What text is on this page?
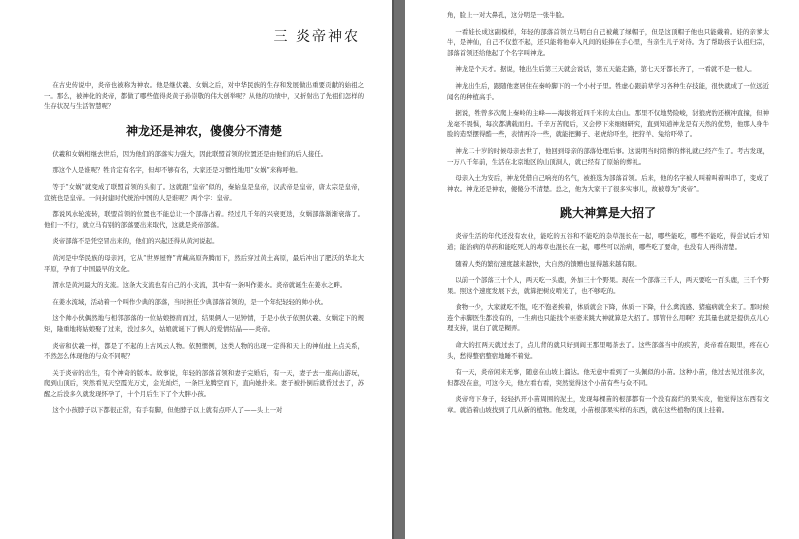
三 炎帝神农

在古史传说中，炎帝也被称为神农。他是继伏羲、女娲之后，对中华民族的生存和发展做出重要贡献的始祖之一。那么，被神化的炎帝，都做了哪些值得炎黄子孙崇敬的伟大创举呢？从他的功绩中，又折射出了先祖们怎样的生存状况与生活智慧呢？

神龙还是神农，傻傻分不清楚

伏羲和女娲相继去世后，因为他们的部落实力强大，因此联盟首领的位置还是由他们的后人接任。

那这个人是谁呢？牲肯定有名字，但却不够有名，大家还是习惯性地用“女娲”来称呼他。

等于“女娲”就变成了联盟首领的头衔了。这就跟“皇帝”似的，秦始皇是皇帝，汉武帝是皇帝，唐太宗是皇帝，宣统也是皇帝。一问封建时代统治中国的人是谁呢？两个字：皇帝。

都说风水轮流转，联盟首领的位置也不能总让一个部落占着。经过几千年的兴衰更迭，女娲部落渐渐衰落了。他们一不行，就立马有别的部落要出来取代，这就是炎帝部落。

炎帝部落不是凭空冒出来的，他们的兴起还得从黄河说起。

黄河是中华民族的母亲河，它从“世界屋脊”青藏高原奔腾而下，然后穿过黄土高原，最后冲出了肥沃的华北大平原，孕育了中国最早的文化。

渭水是黄河最大的支流。这条大支流也有自己的小支流，其中有一条叫作姜水。炎帝就诞生在姜水之畔。

在姜水流域，活动着一个叫作少典的部落，当时担任少典部落首领的，是一个年纪轻轻的帅小伙。

这个帅小伙偶然地与相邻部落的一位姑娘擦肩而过，结果俩人一见钟情，于是小伙子依照伏羲、女娲定下的规矩，隆重地将姑娘娶了过来，没过多久，姑娘就诞下了俩人的爱情结晶——炎帝。

炎帝和伏羲一样，都是了不起的上古风云人物。依照惯例，这类人物的出现一定得和天上的神仙扯上点关系，不然怎么体现他的与众不同呢？

关于炎帝的出生，有个神奇的版本。故事说，年轻的部落首领和妻子完婚后，有一天，妻子去一座高山游玩，爬到山顶后，突然看见天空霞光万丈，金光灿烂，一条巨龙腾空而下，直向她扑来。妻子被扑倒后就昏过去了，苏醒之后没多久就发现怀孕了，十个月后生下了个大胖小孩。

这个小孩脖子以下都很正常，有手有脚，但他脖子以上就有点吓人了——头上一对

角，脸上一对大鼻孔，这分明是一张牛脸。

一看娃长成这副模样，年轻的部落首领立马明白自己被戴了绿帽子，但是这顶帽子他也只能戴着。娃的亲爹太牛，是神仙，自己不仅惹不起，还只能将他奉入凡间的娃捧在手心里，当亲生儿子对待。为了帮助孩子认祖归宗，部落首领还给他起了个名字叫神龙。

神龙是个天才。据说，牠出生后第三天就会说话，第五天能走路，第七天牙都长齐了，一看就不是一般人。

神龙出生后，跟随他妻居住在秦岭脚下的一个小村子里。牲虚心跟前辈学习各种生存技能，很快就成了一位远近闻名的种植高手。

据说，牲曾多次爬上秦岭的主峰——海拔将近四千米的太白山。那里不仅地势险峻，豺狼虎豹还横冲直撞，但神龙毫不畏惧，每次都满载而归。千辛万苦爬后，又会停下来细细研究，直到知道神龙是有天然的优势，他那人身牛脸的造型摆得酷一些，表情再冷一些，就能把狮子、老虎给吓坐，把狩羊、兔给吓晕了。

神龙二十岁的时候母亲去世了，他回到母亲的部落处理后事。这说明当时陪葬的葬礼就已经产生了。考古发现，一万八千年前，生活在北京地区的山顶洞人，就已经有了原始的葬礼。

母亲入土为安后，神龙凭借自己响亮的名气，被推选为部落首领。后来，他的名字被人叫着叫着叫串了，变成了神农。神龙还是神农，傻傻分不清楚。总之，他为大家干了很多实事儿，故被尊为“炎帝”。

跳大神算是大招了

炎帝生活的年代还没有农业，能吃的五谷和不能吃的杂草混长在一起，哪些能吃，哪些不能吃，得尝试后才知道；能治病的草药和能吃死人的毒草也混长在一起，哪些可以治病，哪些吃了要命，也没有人再得清楚。

随着人类的繁衍速度越来越快，大自然的馈赠也显得越来越有限。

以前一个部落三十个人，两天吃一头鹿，外加三十个野果。现在一个部落三千人，两天要吃一百头鹿，三千个野果。照这个速度发展下去，就算把树皮啃光了，也不够吃的。

食物一少，大家就吃不饱，吃不饱老挨着，体质就会下降，体质一下降，什么禽流感、猪瘟病就全来了。那时候连个赤脚医生都没有的，一生病也只能找个巫婆来跳大神就算是大招了。那管什么用啊？充其量也就是提供点儿心理支持，说白了就是糊弄。

命大的扛两天就过去了，点儿背的就只好到阎王那里喝茶去了。这些部落当中的疾苦，炎帝看在眼里，疼在心头，愁得整宿整宿地睡不着觉。

有一天，炎帝闲来无事，随意在山坡上溜达。他无意中看到了一头佩似的小苗。这种小苗，他过去见过很多次，但都没在意，可这今天，他左看右看，突然觉得这个小苗有些与众不同。

炎帝弯下身子，轻轻扒开小苗周围的泥土，发现每棵苗的根部都有一个没有腐烂的果实皮，他觉得这东西有文章。就沿着山坡找到了几从新的植物。他发现，小苗根部果实样的东西，就在这些植物的顶上挂着。
